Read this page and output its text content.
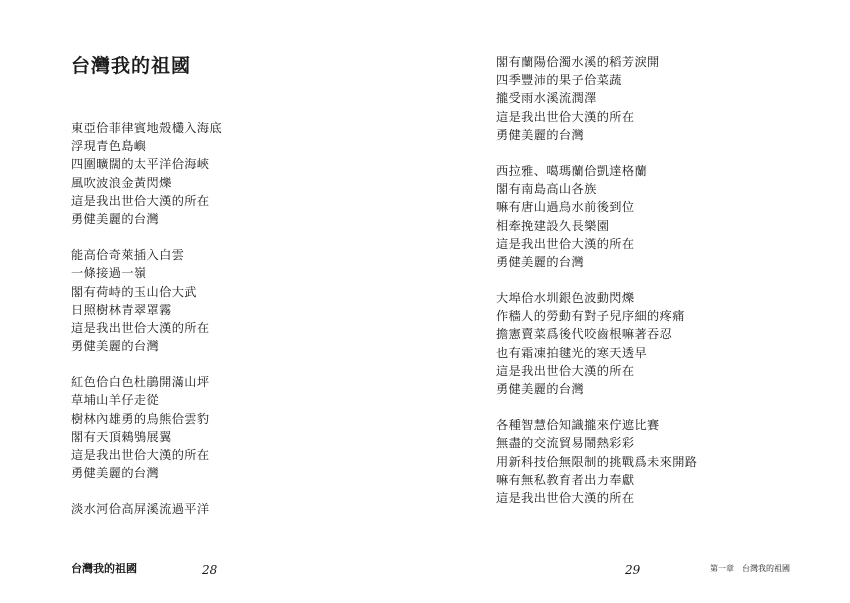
台灣我的祖國
東亞佮菲律賓地殼欉入海底
浮現青色島嶼
四圍曠闊的太平洋佮海峽
風吹波浪金黃閃爍
這是我出世佮大漢的所在
勇健美麗的台灣
能高佮奇萊插入白雲
一條接過一嶺
閣有荷峙的玉山佮大武
日照樹林青翠罩霧
這是我出世佮大漢的所在
勇健美麗的台灣
紅色佮白色杜鵑開滿山坪
草埔山羊仔走從
樹林內雄勇的烏熊佮雲豹
閣有天頂鶆鴞展翼
這是我出世佮大漢的所在
勇健美麗的台灣
淡水河佮高屏溪流過平洋
台灣我的祖國	28
閣有蘭陽佮濁水溪的稻芳淚開
四季豐沛的果子佮菜蔬
攏受雨水溪流潤澤
這是我出世佮大漢的所在
勇健美麗的台灣
西拉雅、噶瑪蘭佮凱達格蘭
閣有南島高山各族
嘛有唐山過烏水前後到位
相牽挽建設久長樂園
這是我出世佮大漢的所在
勇健美麗的台灣
大埠佮水圳銀色波動閃爍
作穡人的勞動有對子兒序細的疼痛
擔憲賣菜爲後代咬齒根嘛著吞忍
也有霜凍拍毽光的寒天透早
這是我出世佮大漢的所在
勇健美麗的台灣
各種智慧佮知識攏來佇遮比賽
無盡的交流貿易鬧熱彩彩
用新科技佮無限制的挑戰爲未來開路
嘛有無私教育者出力奉獻
這是我出世佮大漢的所在
29	第一章 台灣我的祖國
